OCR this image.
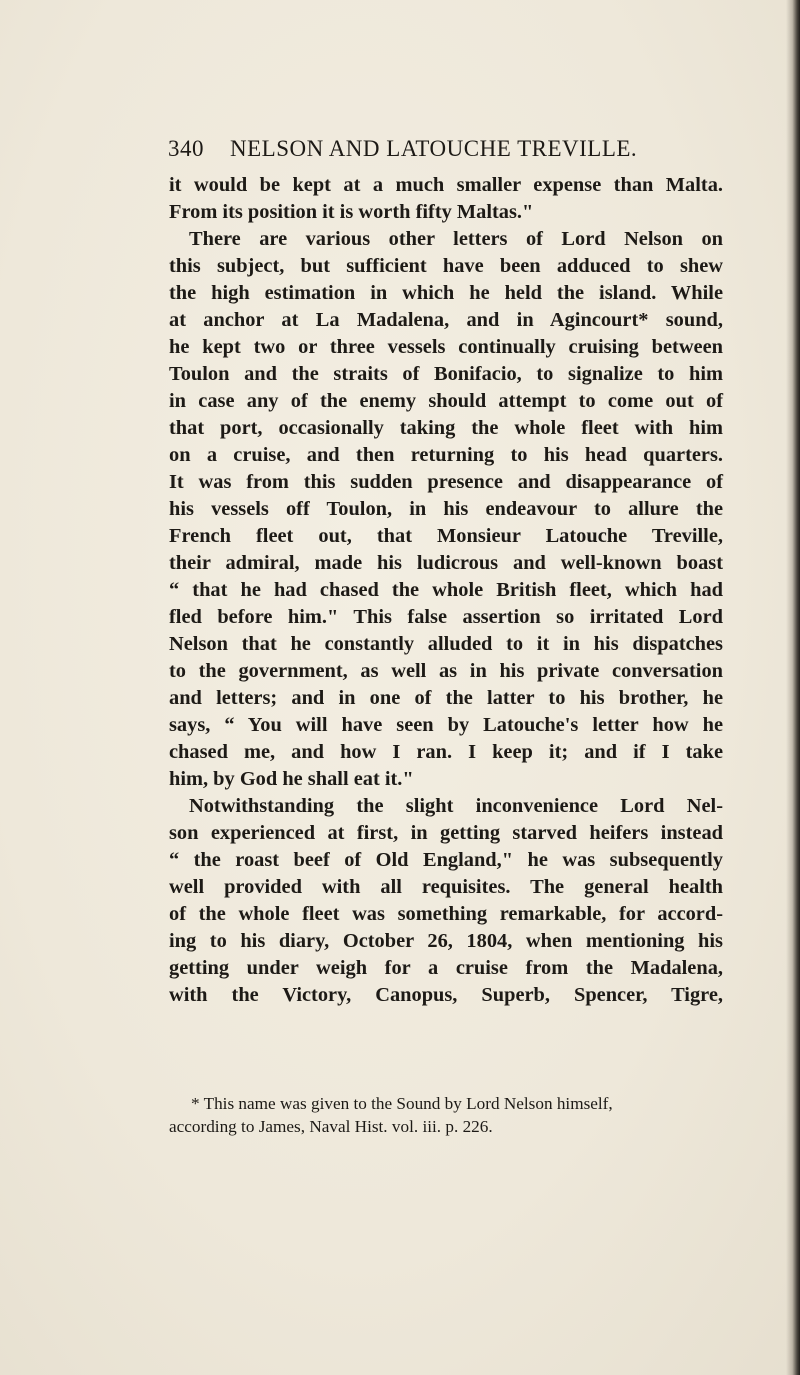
340 NELSON AND LATOUCHE TREVILLE.
it would be kept at a much smaller expense than Malta.
From its position it is worth fifty Maltas."
There are various other letters of Lord Nelson on
this subject, but sufficient have been adduced to shew
the high estimation in which he held the island. While
at anchor at La Madalena, and in Agincourt* sound,
he kept two or three vessels continually cruising between
Toulon and the straits of Bonifacio, to signalize to him
in case any of the enemy should attempt to come out of
that port, occasionally taking the whole fleet with him
on a cruise, and then returning to his head quarters.
It was from this sudden presence and disappearance of
his vessels off Toulon, in his endeavour to allure the
French fleet out, that Monsieur Latouche Treville,
their admiral, made his ludicrous and well-known boast
“ that he had chased the whole British fleet, which had
fled before him." This false assertion so irritated Lord
Nelson that he constantly alluded to it in his dispatches
to the government, as well as in his private conversation
and letters; and in one of the latter to his brother, he
says, “ You will have seen by Latouche's letter how he
chased me, and how I ran. I keep it; and if I take
him, by God he shall eat it."
Notwithstanding the slight inconvenience Lord Nel-
son experienced at first, in getting starved heifers instead
“ the roast beef of Old England," he was subsequently
well provided with all requisites. The general health
of the whole fleet was something remarkable, for accord-
ing to his diary, October 26, 1804, when mentioning his
getting under weigh for a cruise from the Madalena,
with the Victory, Canopus, Superb, Spencer, Tigre,
* This name was given to the Sound by Lord Nelson himself,
according to James, Naval Hist. vol. iii. p. 226.
